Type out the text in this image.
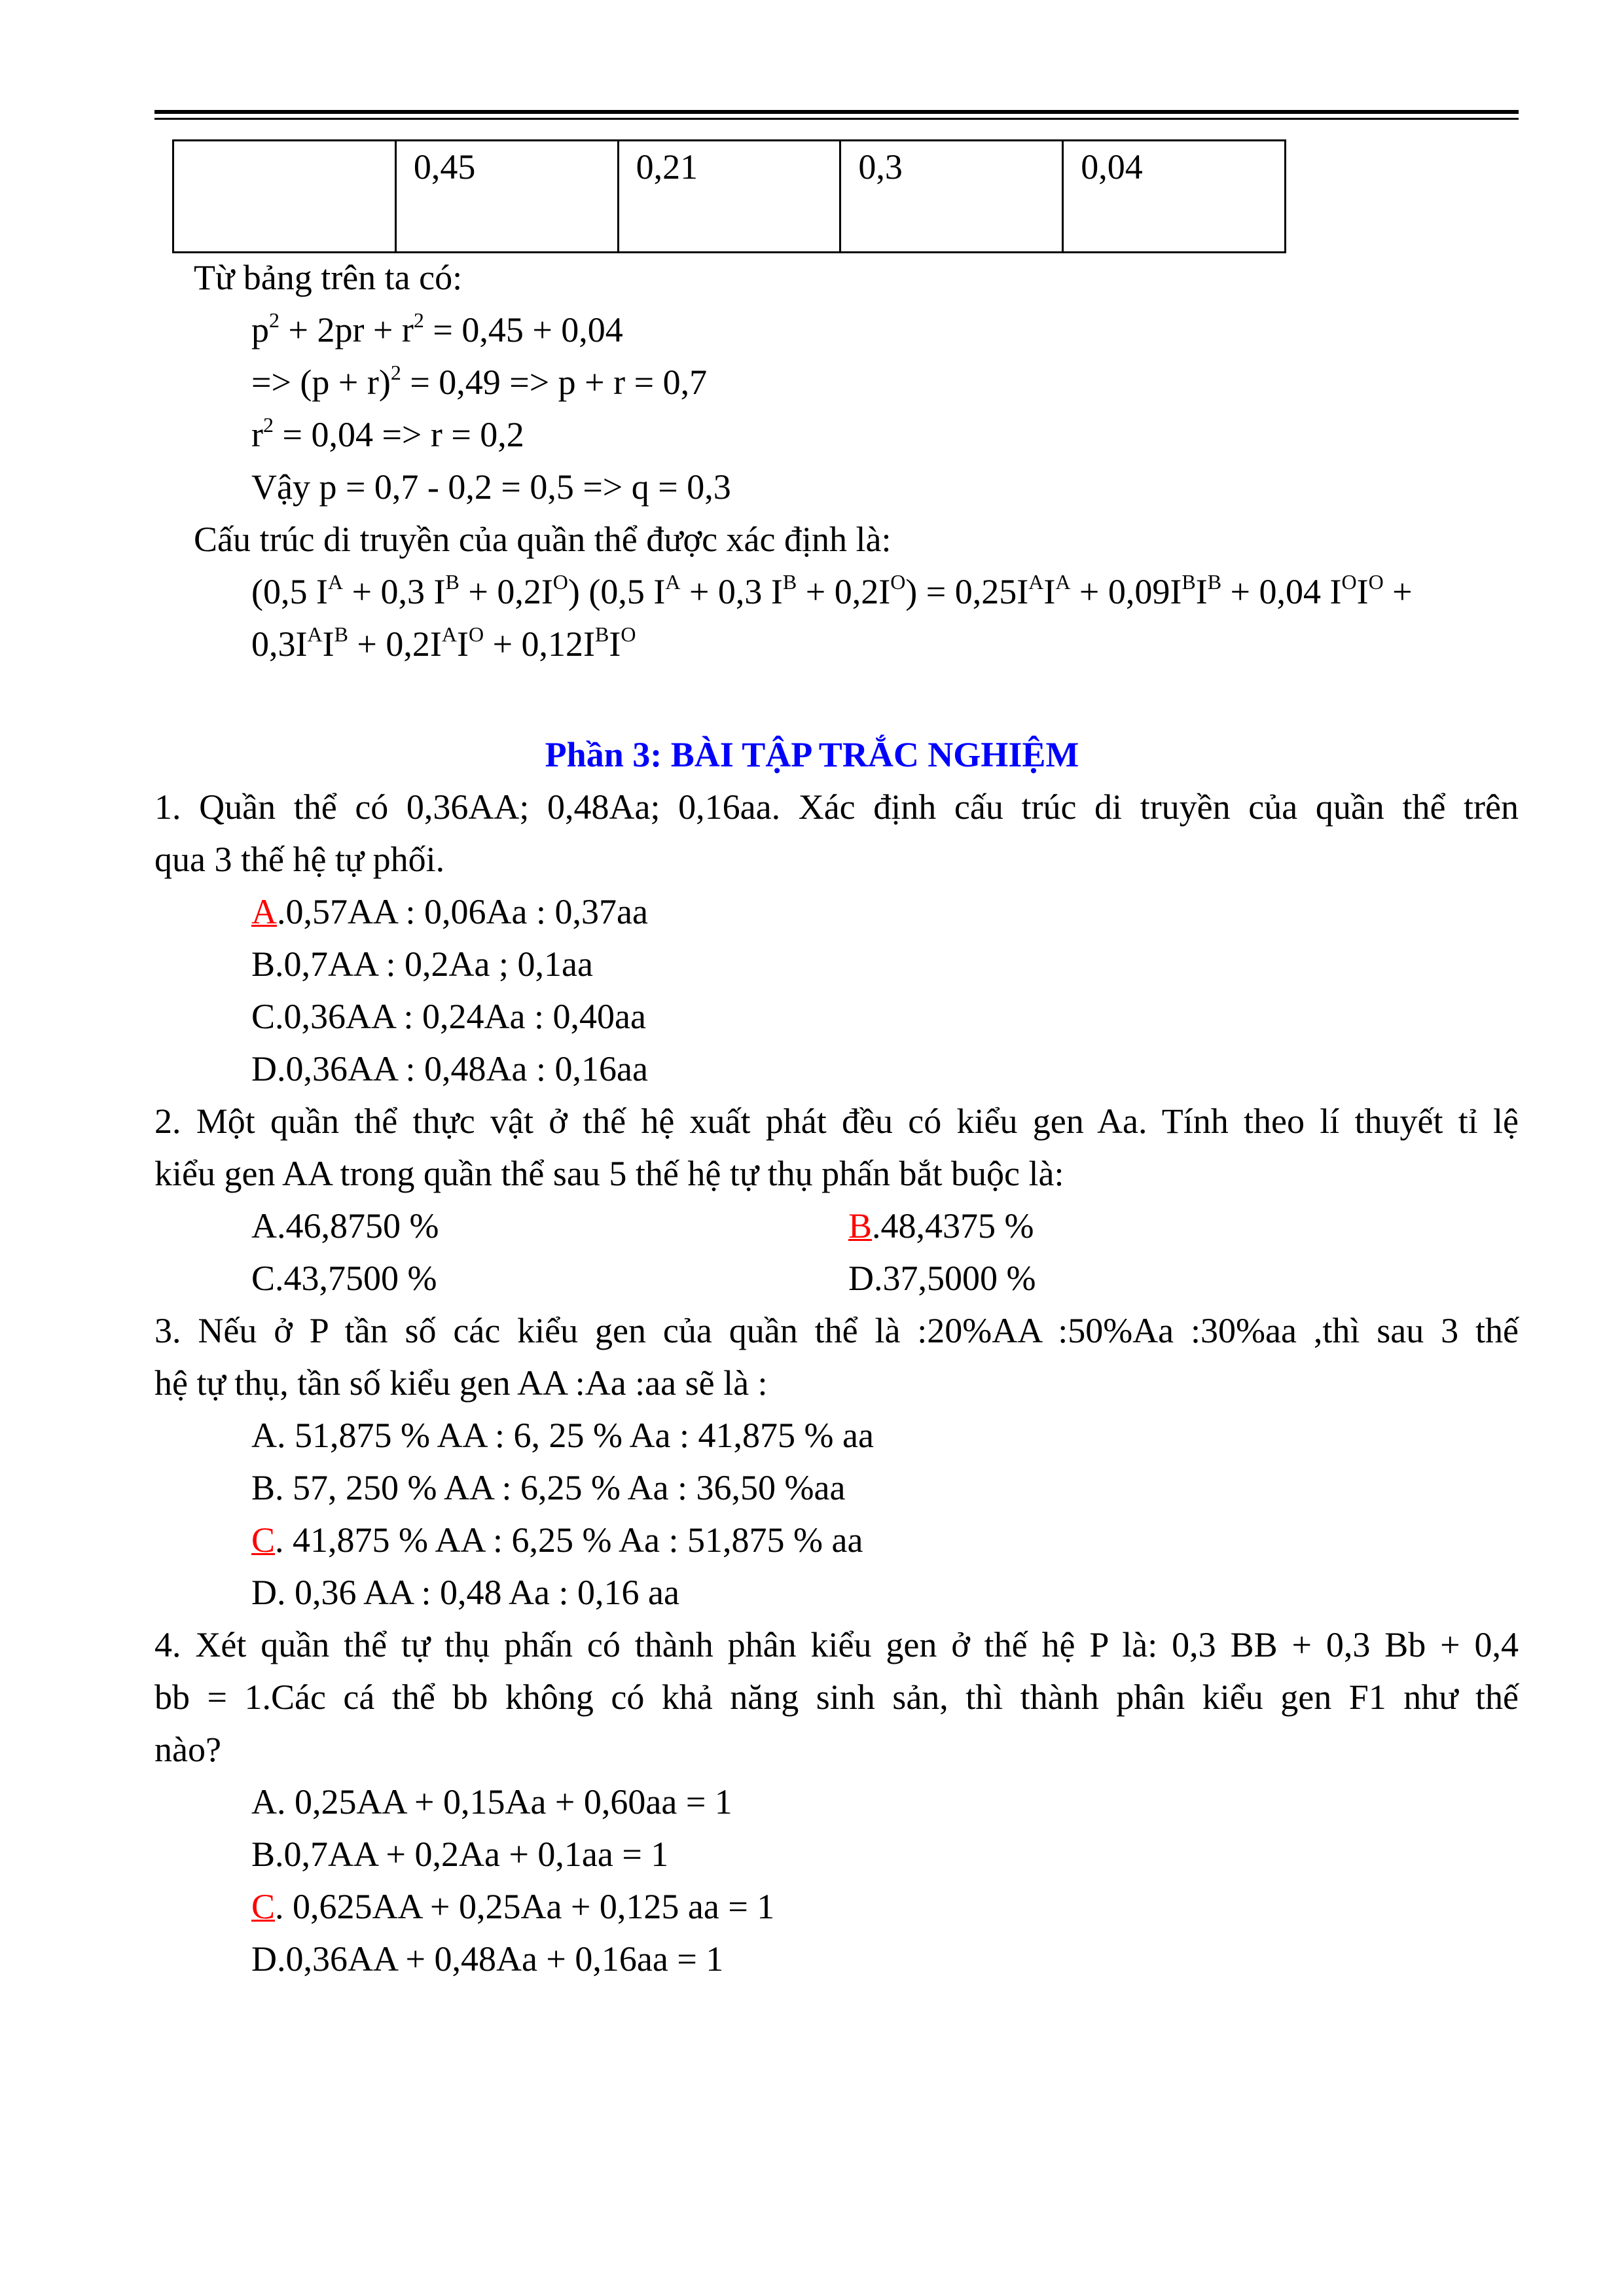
	0,45	0,21	0,3	0,04
Từ bảng trên ta có:
$p^2 + 2pr + r^2 = 0,45 + 0,04$
=> $(p + r)^2 = 0,49 => p + r = 0,7$
$r^2 = 0,04 => r = 0,2$
Vậy p = 0,7 - 0,2 = 0,5 => q = 0,3
Cấu trúc di truyền của quần thể được xác định là:
(0,5 $I^A + 0,3$ $I^B + 0,2I^O$) (0,5 $I^A + 0,3$ $I^B + 0,2I^O) = 0,25I^AI^A + 0,09I^BI^B + 0,04$ $I^OI^O$ +
$0,3I^AI^B + 0,2I^AI^O + 0,12I^BI^O$
Phần 3: BÀI TẬP TRẮC NGHIỆM
1. Quần thể có 0,36AA; 0,48Aa; 0,16aa. Xác định cấu trúc di truyền của quần thể trên
qua 3 thế hệ tự phối.
A.0,57AA : 0,06Aa : 0,37aa
B.0,7AA : 0,2Aa ; 0,1aa
C.0,36AA : 0,24Aa : 0,40aa
D.0,36AA : 0,48Aa : 0,16aa
2. Một quần thể thực vật ở thế hệ xuất phát đều có kiểu gen Aa. Tính theo lí thuyết tỉ lệ
kiểu gen AA trong quần thể sau 5 thế hệ tự thụ phấn bắt buộc là:
A.46,8750 %	B.48,4375 %
C.43,7500 %	D.37,5000 %
3. Nếu ở P tần số các kiểu gen của quần thể là :20%AA :50%Aa :30%aa ,thì sau 3 thế
hệ tự thụ, tần số kiểu gen AA :Aa :aa sẽ là :
A. 51,875 % AA : 6, 25 % Aa : 41,875 % aa
B. 57, 250 % AA : 6,25 % Aa : 36,50 %aa
C. 41,875 % AA : 6,25 % Aa : 51,875 % aa
D. 0,36 AA : 0,48 Aa : 0,16 aa
4. Xét quần thể tự thụ phấn có thành phân kiểu gen ở thế hệ P là: 0,3 BB + 0,3 Bb + 0,4
bb = 1.Các cá thể bb không có khả năng sinh sản, thì thành phân kiểu gen F1 như thế
nào?
A. 0,25AA + 0,15Aa + 0,60aa = 1
B.0,7AA + 0,2Aa + 0,1aa = 1
C. 0,625AA + 0,25Aa + 0,125 aa = 1
D.0,36AA + 0,48Aa + 0,16aa = 1
